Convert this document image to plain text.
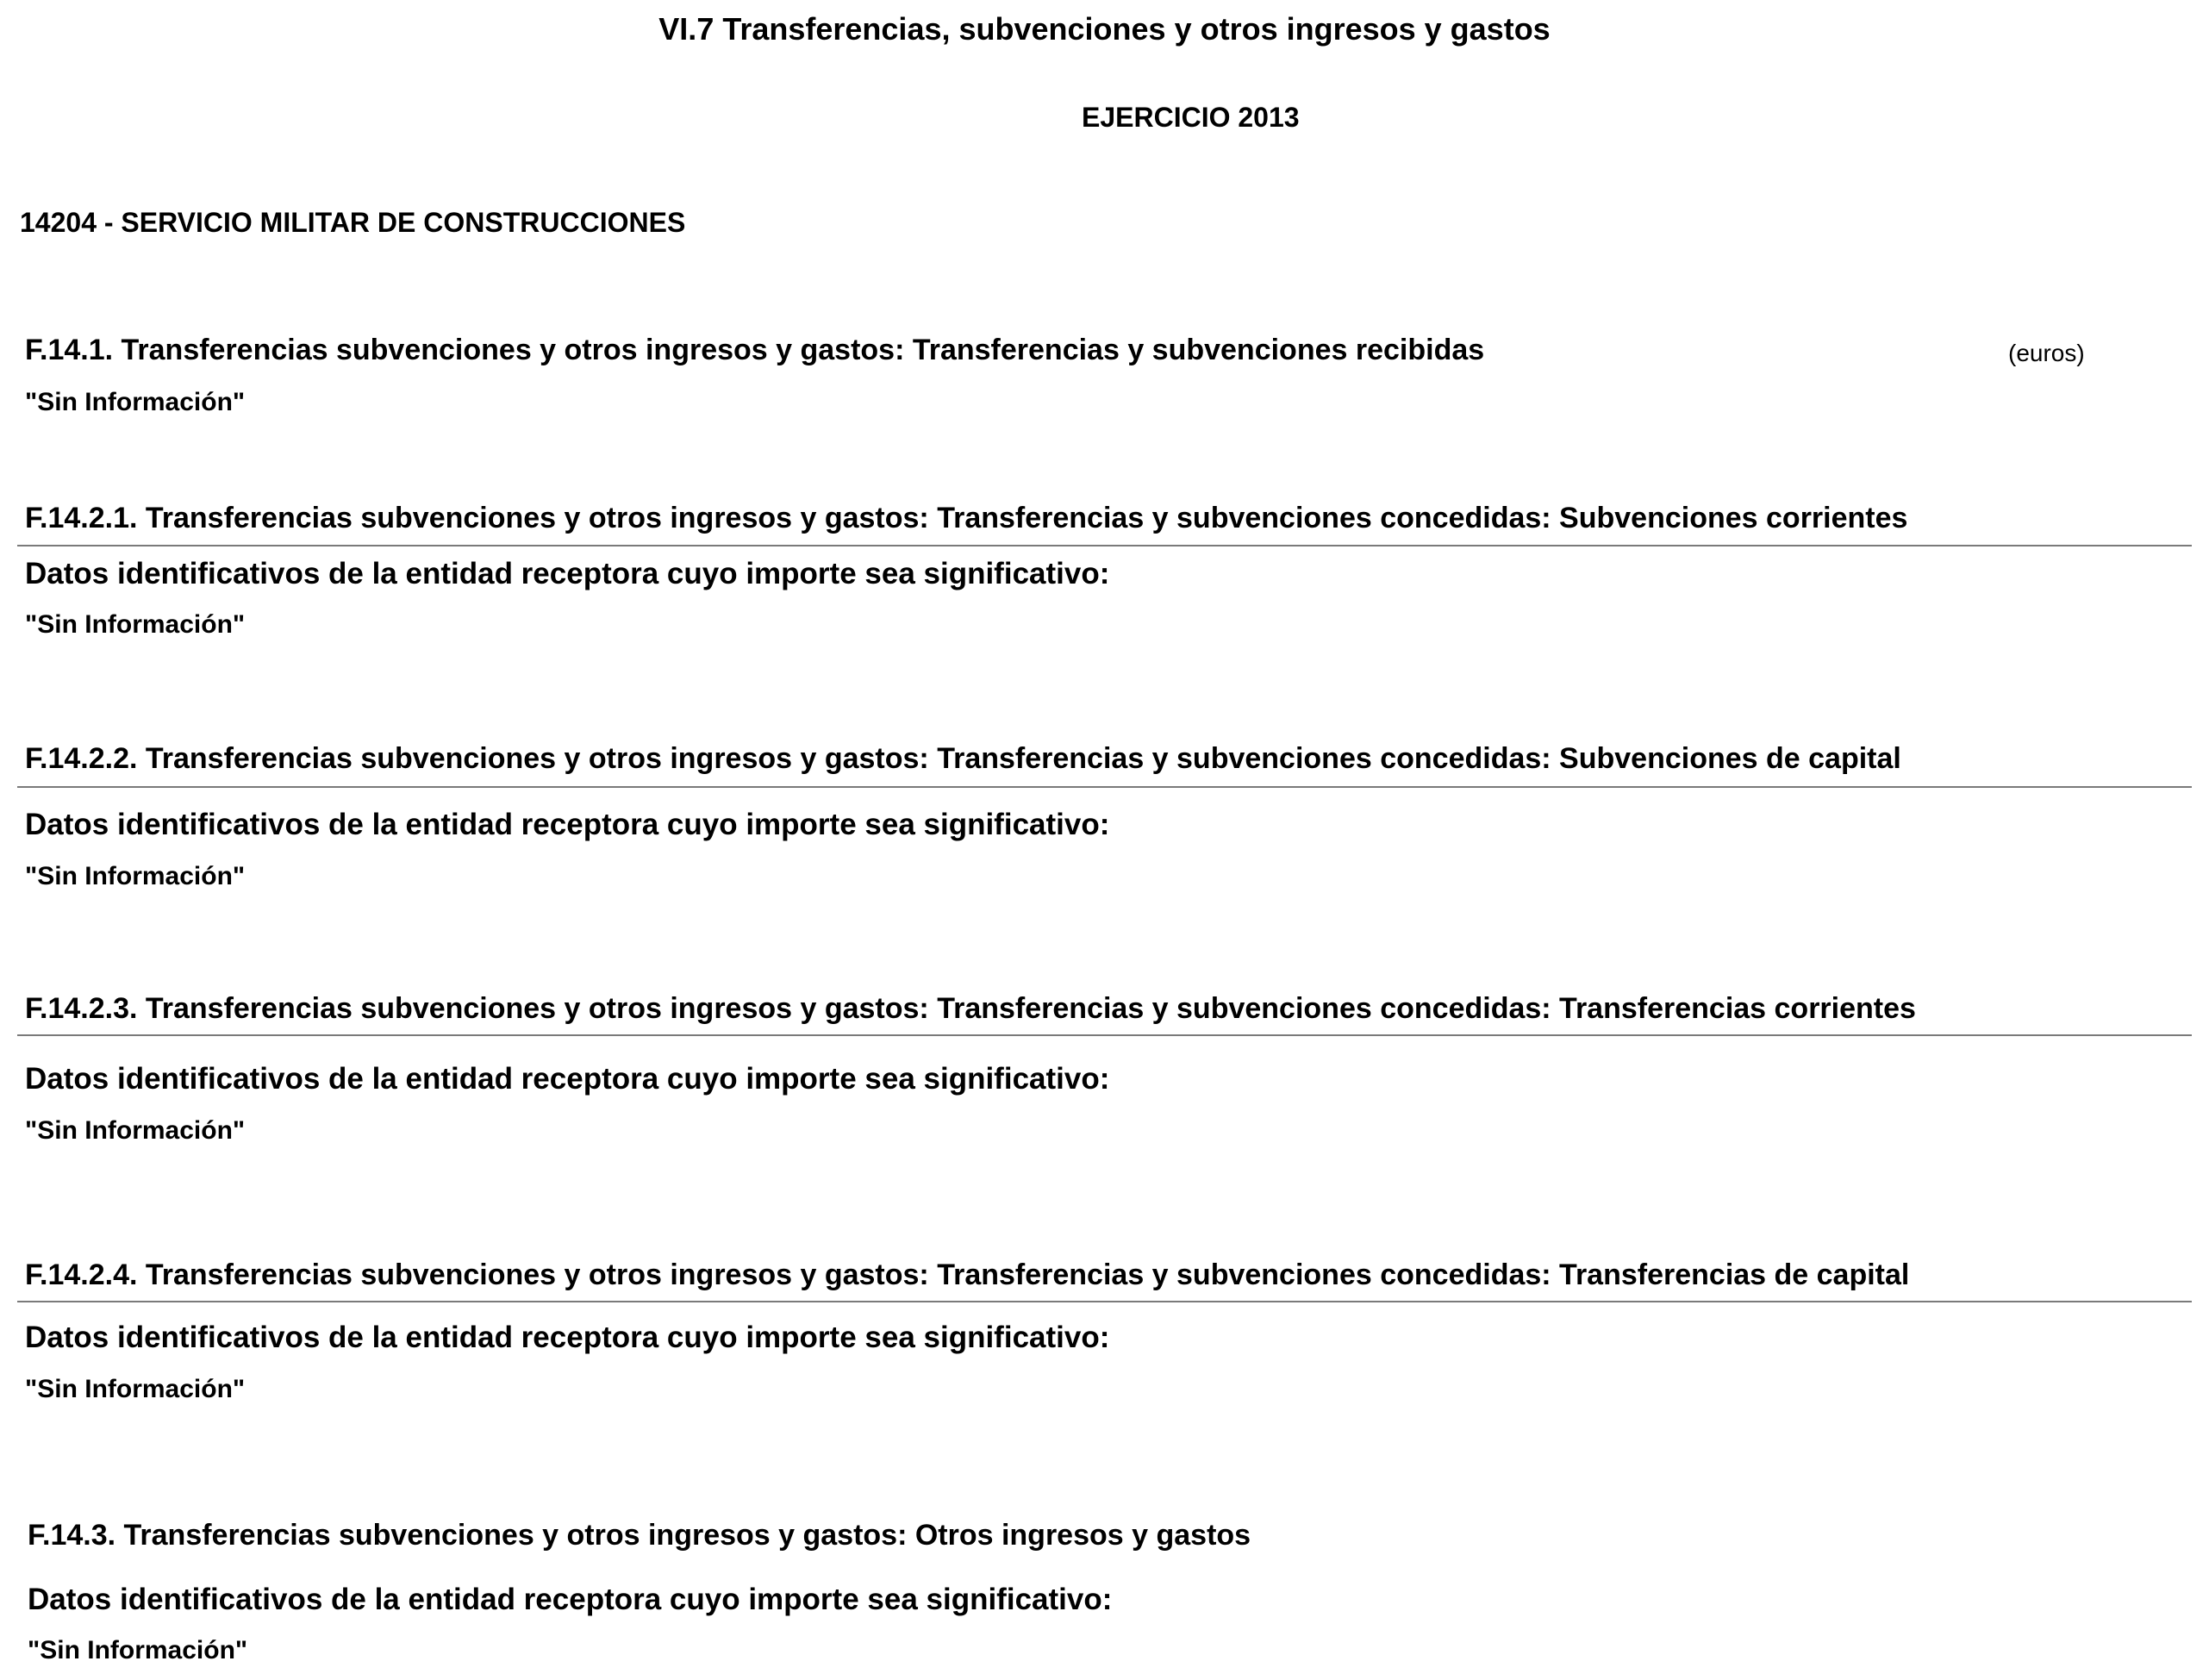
VI.7 Transferencias, subvenciones y otros ingresos y gastos
EJERCICIO 2013
14204 - SERVICIO MILITAR DE CONSTRUCCIONES
F.14.1. Transferencias subvenciones y otros ingresos y gastos: Transferencias y subvenciones recibidas	(euros)
"Sin Información"
F.14.2.1. Transferencias subvenciones y otros ingresos y gastos: Transferencias y subvenciones concedidas: Subvenciones corrientes
Datos identificativos de la entidad receptora cuyo importe sea significativo:
"Sin Información"
F.14.2.2. Transferencias subvenciones y otros ingresos y gastos: Transferencias y subvenciones concedidas: Subvenciones de capital
Datos identificativos de la entidad receptora cuyo importe sea significativo:
"Sin Información"
F.14.2.3. Transferencias subvenciones y otros ingresos y gastos: Transferencias y subvenciones concedidas: Transferencias corrientes
Datos identificativos de la entidad receptora cuyo importe sea significativo:
"Sin Información"
F.14.2.4. Transferencias subvenciones y otros ingresos y gastos: Transferencias y subvenciones concedidas: Transferencias de capital
Datos identificativos de la entidad receptora cuyo importe sea significativo:
"Sin Información"
F.14.3. Transferencias subvenciones y otros ingresos y gastos: Otros ingresos y gastos
Datos identificativos de la entidad receptora cuyo importe sea significativo:
"Sin Información"
